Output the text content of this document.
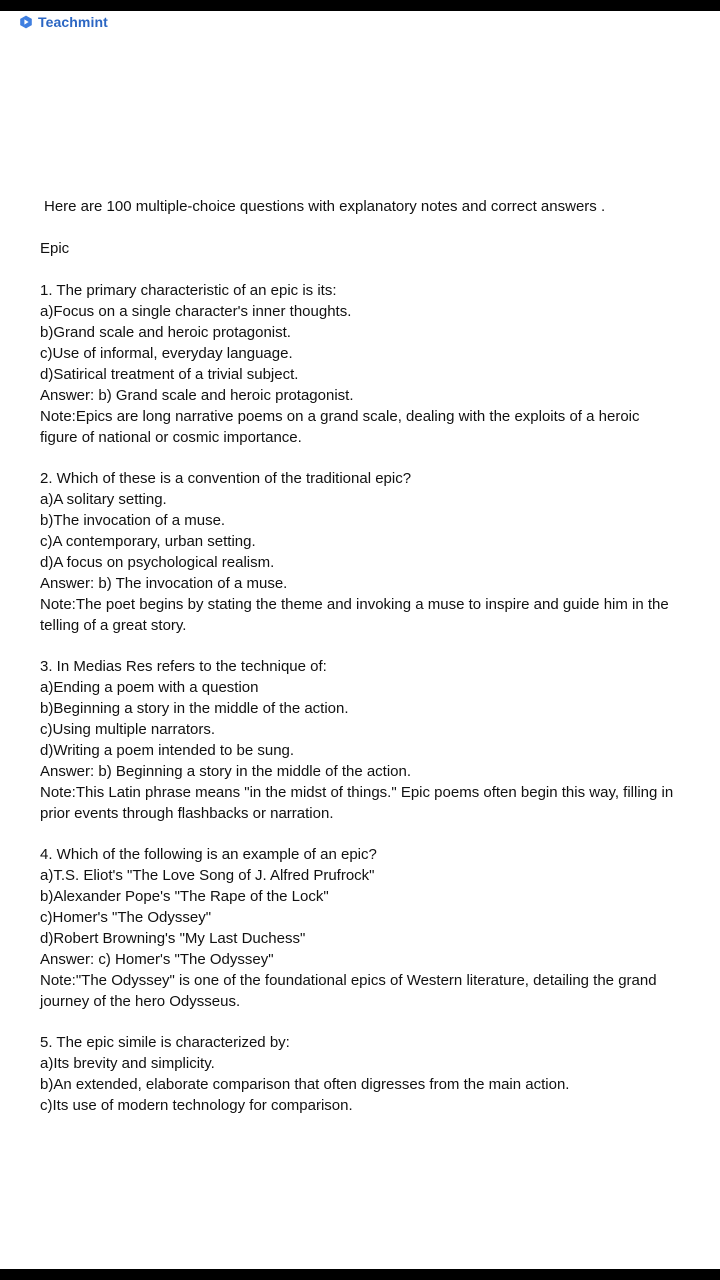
Teachmint
Here are 100 multiple-choice questions with explanatory notes and correct answers .
Epic
1. The primary characteristic of an epic is its:
a)Focus on a single character's inner thoughts.
b)Grand scale and heroic protagonist.
c)Use of informal, everyday language.
d)Satirical treatment of a trivial subject.
Answer: b) Grand scale and heroic protagonist.
Note:Epics are long narrative poems on a grand scale, dealing with the exploits of a heroic
figure of national or cosmic importance.
2. Which of these is a convention of the traditional epic?
a)A solitary setting.
b)The invocation of a muse.
c)A contemporary, urban setting.
d)A focus on psychological realism.
Answer: b) The invocation of a muse.
Note:The poet begins by stating the theme and invoking a muse to inspire and guide him in the
telling of a great story.
3. In Medias Res refers to the technique of:
a)Ending a poem with a question
b)Beginning a story in the middle of the action.
c)Using multiple narrators.
d)Writing a poem intended to be sung.
Answer: b) Beginning a story in the middle of the action.
Note:This Latin phrase means "in the midst of things." Epic poems often begin this way, filling in
prior events through flashbacks or narration.
4. Which of the following is an example of an epic?
a)T.S. Eliot's "The Love Song of J. Alfred Prufrock"
b)Alexander Pope's "The Rape of the Lock"
c)Homer's "The Odyssey"
d)Robert Browning's "My Last Duchess"
Answer: c) Homer's "The Odyssey"
Note:"The Odyssey" is one of the foundational epics of Western literature, detailing the grand
journey of the hero Odysseus.
5. The epic simile is characterized by:
a)Its brevity and simplicity.
b)An extended, elaborate comparison that often digresses from the main action.
c)Its use of modern technology for comparison.
